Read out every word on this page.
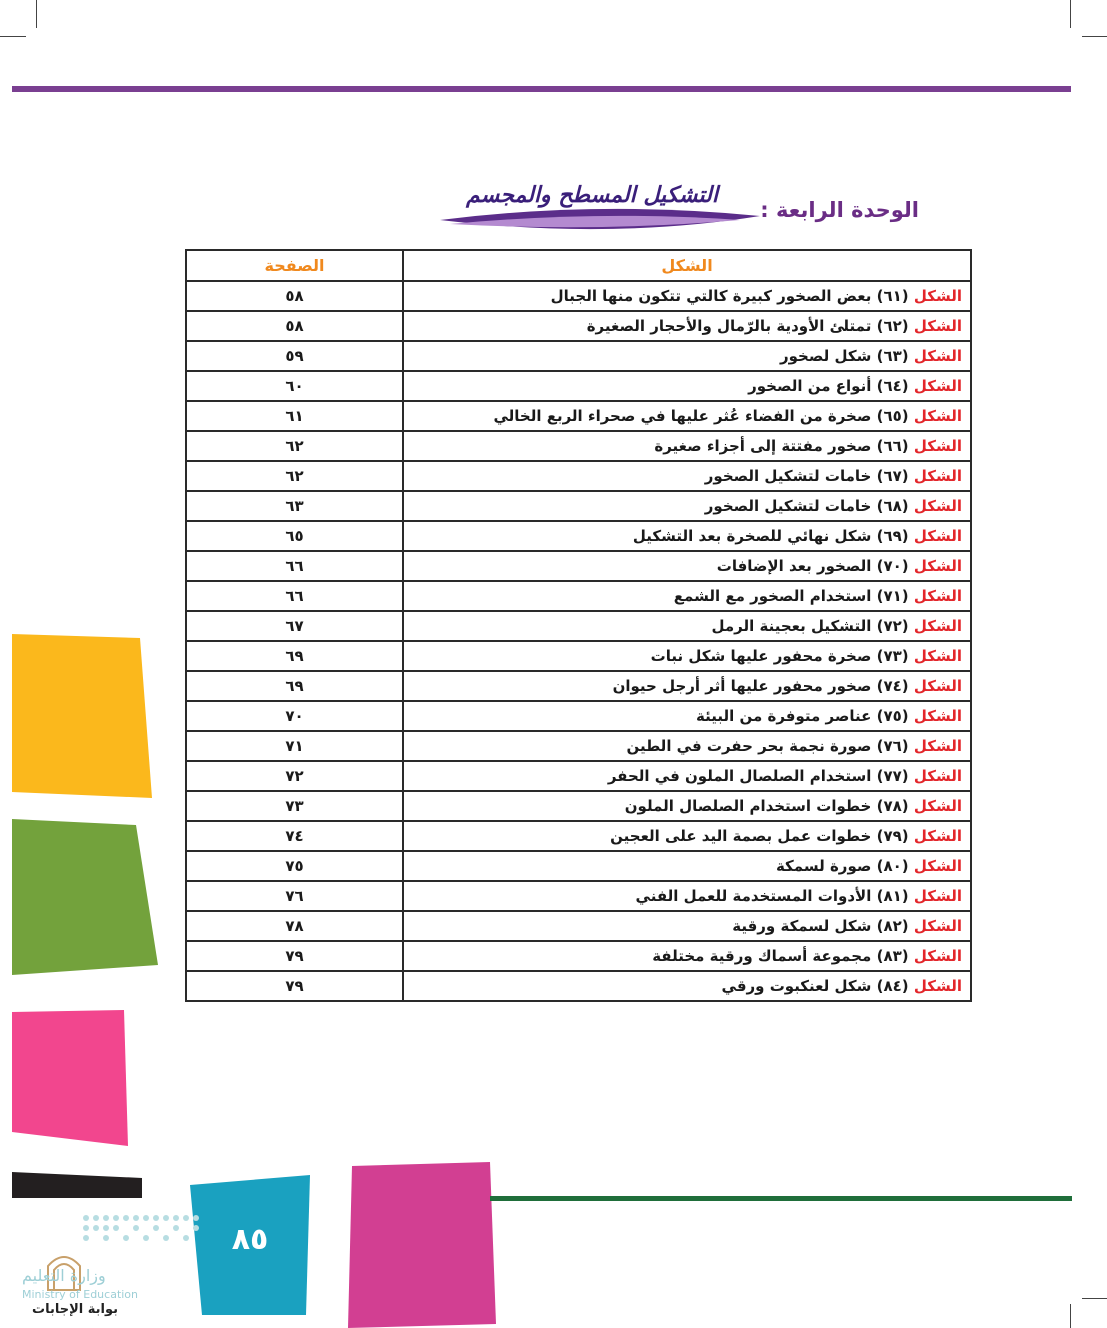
الوحدة الرابعة :
التشكيل المسطح والمجسم
الشكل	الصفحة
الشكل (٦١) بعض الصخور كبيرة كالتي تتكون منها الجبال	٥٨
الشكل (٦٢) تمتلئ الأودية بالرّمال والأحجار الصغيرة	٥٨
الشكل (٦٣) شكل لصخور	٥٩
الشكل (٦٤) أنواع من الصخور	٦٠
الشكل (٦٥) صخرة من الفضاء عُثر عليها في صحراء الربع الخالي	٦١
الشكل (٦٦) صخور مفتتة إلى أجزاء صغيرة	٦٢
الشكل (٦٧) خامات لتشكيل الصخور	٦٢
الشكل (٦٨) خامات لتشكيل الصخور	٦٣
الشكل (٦٩) شكل نهائي للصخرة بعد التشكيل	٦٥
الشكل (٧٠) الصخور بعد الإضافات	٦٦
الشكل (٧١) استخدام الصخور مع الشمع	٦٦
الشكل (٧٢) التشكيل بعجينة الرمل	٦٧
الشكل (٧٣) صخرة محفور عليها شكل نبات	٦٩
الشكل (٧٤) صخور محفور عليها أثر أرجل حيوان	٦٩
الشكل (٧٥) عناصر متوفرة من البيئة	٧٠
الشكل (٧٦) صورة نجمة بحر حفرت في الطين	٧١
الشكل (٧٧) استخدام الصلصال الملون في الحفر	٧٢
الشكل (٧٨) خطوات استخدام الصلصال الملون	٧٣
الشكل (٧٩) خطوات عمل بصمة اليد على العجين	٧٤
الشكل (٨٠) صورة لسمكة	٧٥
الشكل (٨١) الأدوات المستخدمة للعمل الفني	٧٦
الشكل (٨٢) شكل لسمكة ورقية	٧٨
الشكل (٨٣) مجموعة أسماك ورقية مختلفة	٧٩
الشكل (٨٤) شكل لعنكبوت ورقي	٧٩
٨٥
وزارة التعليم
Ministry of Education
بوابة الإجابات
